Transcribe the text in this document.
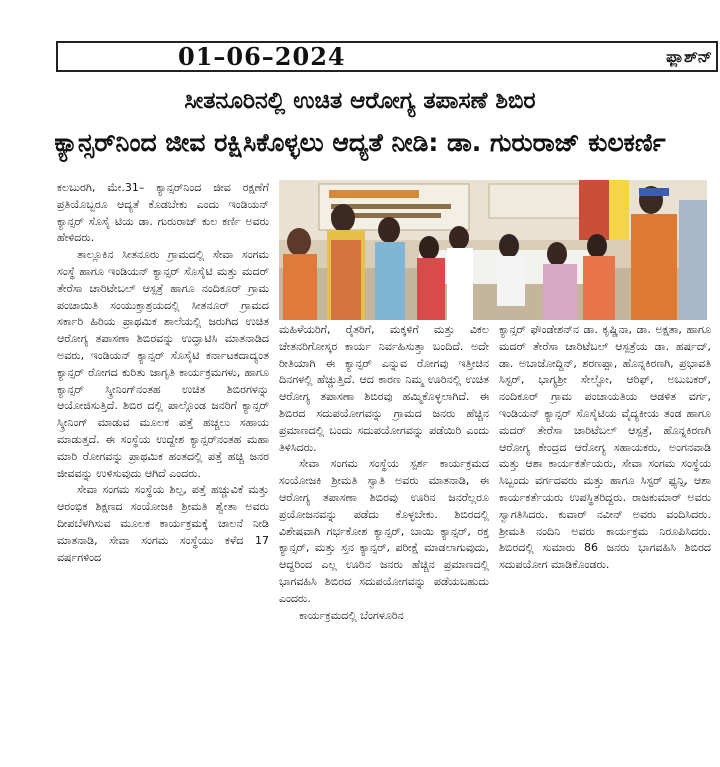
01–06–2024	ಫ್ಲಾಶ್‌ನ್
ಸೀತನೂರಿನಲ್ಲಿ ಉಚಿತ ಆರೋಗ್ಯ ತಪಾಸಣೆ ಶಿಬಿರ
ಕ್ಯಾನ್ಸರ್‌ನಿಂದ ಜೀವ ರಕ್ಷಿಸಿಕೊಳ್ಳಲು ಆದ್ಯತೆ ನೀಡಿ: ಡಾ. ಗುರುರಾಜ್ ಕುಲಕರ್ಣಿ

ಕಲಬುರಗಿ, ಮೇ.31– ಕ್ಯಾನ್ಸರ್‌ನಿಂದ ಜೀವ ರಕ್ಷಣೆಗೆ ಪ್ರತಿಯೊಬ್ಬರೂ ಆದ್ಯತೆ ಕೊಡಬೇಕು ಎಂದು ಇಂಡಿಯನ್ ಕ್ಯಾನ್ಸರ್ ಸೊಸೈ ಟಿಯ ಡಾ. ಗುರುರಾಜ್ ಕುಲ ಕರ್ಣಿ ಅವರು ಹೇಳಿದರು.

ತಾಲ್ಲೂಕಿನ ಸೀತನೂರು ಗ್ರಾಮದಲ್ಲಿ ಸೇವಾ ಸಂಗಮ ಸಂಸ್ಥೆ ಹಾಗೂ ಇಂಡಿಯನ್ ಕ್ಯಾನ್ಸರ್ ಸೊಸೈಟಿ ಮತ್ತು ಮದರ್ ತೇರೆಸಾ ಚಾರಿಟೇಬಲ್ ಆಸ್ಪತ್ರೆ ಹಾಗೂ ನಂದಿಕೂರ್ ಗ್ರಾಮ ಪಂಚಾಯಿತಿ ಸಂಯುಕ್ತಾಶ್ರಯದಲ್ಲಿ ಸೀತನೂರ್ ಗ್ರಾಮದ ಸರ್ಕಾರಿ ಹಿರಿಯ ಪ್ರಾಥಮಿಕ ಶಾಲೆಯಲ್ಲಿ ಜರುಗಿದ ಉಚಿತ ಆರೋಗ್ಯ ತಪಾಸಣಾ ಶಿಬಿರವನ್ನು ಉದ್ಘಾಟಿಸಿ ಮಾತನಾಡಿದ ಅವರು, ಇಂಡಿಯನ್ ಕ್ಯಾನ್ಸರ್ ಸೊಸೈಟಿ ಕರ್ನಾಟಕದಾದ್ಯಂತ ಕ್ಯಾನ್ಸರ್ ರೋಗದ ಕುರಿತು ಜಾಗೃತಿ ಕಾರ್ಯಕ್ರಮಗಳು, ಹಾಗೂ ಕ್ಯಾನ್ಸರ್ ಸ್ಕ್ರೀನಿಂಗ್‌ನಂತಹ ಉಚಿತ ಶಿಬಿರಗಳನ್ನು ಆಯೋಜಿಸುತ್ತಿದೆ. ಶಿಬಿರ ದಲ್ಲಿ ಪಾಲ್ಗೊಂಡ ಜನರಿಗೆ ಕ್ಯಾನ್ಸರ್ ಸ್ಕ್ರೀನಿಂಗ್ ಮಾಡುವ ಮೂಲಕ ಪತ್ತೆ ಹಚ್ಚಲು ಸಹಾಯ ಮಾಡುತ್ತದೆ. ಈ ಸಂಸ್ಥೆಯ ಉದ್ದೇಶ ಕ್ಯಾನ್ಸರ್‌ನಂತಹ ಮಹಾ ಮಾರಿ ರೋಗವನ್ನು ಪ್ರಾಥಮಿಕ ಹಂತದಲ್ಲಿ ಪತ್ತೆ ಹಚ್ಚಿ ಜನರ ಜೀವವನ್ನು ಉಳಿಸುವುದು ಆಗಿದೆ ಎಂದರು.

ಸೇವಾ ಸಂಗಮ ಸಂಸ್ಥೆಯ ಶಿಲ್ಪ, ಪತ್ತೆ ಹಚ್ಚುವಿಕೆ ಮತ್ತು ಆರಂಭಿಕ ಶಿಕ್ಷಣದ ಸಂಯೋಜಕಿ ಶ್ರೀಮತಿ ಶ್ವೇತಾ ಅವರು ದೀಪಬೆಳಗಿಸುವ ಮೂಲಕ ಕಾರ್ಯಕ್ರಮಕ್ಕೆ ಚಾಲನೆ ನೀಡಿ ಮಾತನಾಡಿ, ಸೇವಾ ಸಂಗಮ ಸಂಸ್ಥೆಯು ಕಳೆದ 17 ವರ್ಷಗಳಿಂದ

ಮಹಿಳೆಯರಿಗೆ, ರೈತರಿಗೆ, ಮಕ್ಕಳಿಗೆ ಮತ್ತು ವಿಕಲ ಚೇತನರಿಗೋಸ್ಕರ ಕಾರ್ಯ ನಿರ್ವಹಿಸುತ್ತಾ ಬಂದಿದೆ. ಅದೇ ರೀತಿಯಾಗಿ ಈ ಕ್ಯಾನ್ಸರ್ ಎನ್ನುವ ರೋಗವು ಇತ್ತೀಚಿನ ದಿನಗಳಲ್ಲಿ ಹೆಚ್ಚುತ್ತಿದೆ. ಆದ ಕಾರಣ ನಿಮ್ಮ ಊರಿನಲ್ಲಿ ಉಚಿತ ಆರೋಗ್ಯ ತಪಾಸಣಾ ಶಿಬಿರವು ಹಮ್ಮಿಕೊಳ್ಳಲಾಗಿದೆ. ಈ ಶಿಬಿರದ ಸದುಪಯೋಗವನ್ನು ಗ್ರಾಮದ ಜನರು ಹೆಚ್ಚಿನ ಪ್ರಮಾಣದಲ್ಲಿ ಬಂದು ಸದುಪಯೋಗವನ್ನು ಪಡೆಯಿರಿ ಎಂದು ತಿಳಿಸಿದರು.

ಸೇವಾ ಸಂಗಮ ಸಂಸ್ಥೆಯ ಸ್ಪರ್ಶ ಕಾರ್ಯಕ್ರಮದ ಸಂಯೋಜಕಿ ಶ್ರೀಮತಿ ಸ್ವಾತಿ ಅವರು ಮಾತನಾಡಿ, ಈ ಆರೋಗ್ಯ ತಪಾಸಣಾ ಶಿಬಿರವು ಊರಿನ ಜನರೆಲ್ಲರೂ ಪ್ರಯೋಜನವನ್ನು ಪಡೆದು ಕೊಳ್ಳಬೇಕು. ಶಿಬಿರದಲ್ಲಿ ವಿಶೇಷವಾಗಿ ಗರ್ಭಕೋಶ ಕ್ಯಾನ್ಸರ್, ಬಾಯಿ ಕ್ಯಾನ್ಸರ್, ರಕ್ತ ಕ್ಯಾನ್ಸರ್, ಮತ್ತು ಸ್ತನ ಕ್ಯಾನ್ಸರ್, ಪರೀಕ್ಷೆ ಮಾಡಲಾಗುವುದು, ಆದ್ದರಿಂದ ಎಲ್ಲ ಊರಿನ ಜನರು ಹೆಚ್ಚಿನ ಪ್ರಮಾಣದಲ್ಲಿ ಭಾಗವಹಿಸಿ ಶಿಬಿರದ ಸದುಪಯೋಗವನ್ನು ಪಡೆಯಬಹುದು ಎಂದರು.

ಕಾರ್ಯಕ್ರಮದಲ್ಲಿ ಬೆಂಗಳೂರಿನ

ಕ್ಯಾನ್ಸರ್ ಫೌಂಡೇಶನ್‌ನ ಡಾ. ಕೃಷ್ಣಿನಾ, ಡಾ. ಅಕ್ಷತಾ, ಹಾಗೂ ಮದರ್ ತೇರೆಸಾ ಚಾರಿಟೆಬಲ್ ಆಸ್ಪತ್ರೆಯ ಡಾ. ಹರ್ಷದ್, ಡಾ. ಅಬಾಜೋದ್ದಿನ್, ಶರಣಪ್ಪಾ, ಹೊನ್ನಕಿರಣಗಿ, ಪ್ರಭಾವತಿ ಸಿಸ್ಟರ್, ಭಾಗ್ಯಶ್ರೀ ಸೇಲ್ಟೋ, ಆರಿಫ್, ಅಬುಬಕರ್, ನಂದಿಕೂರ್ ಗ್ರಾಮ ಪಂಚಾಯತಿಯ ಆಡಳಿತ ವರ್ಗ, ಇಂಡಿಯನ್ ಕ್ಯಾನ್ಸರ್ ಸೊಸೈಟಿಯ ವೈದ್ಯಕೀಯ ತಂಡ ಹಾಗೂ ಮದರ್ ತೇರೆಸಾ ಚಾರಿಟೆಬಲ್ ಆಸ್ಪತ್ರೆ, ಹೊನ್ನಕಿರಣಗಿ ಆರೋಗ್ಯ ಕೇಂದ್ರದ ಆರೋಗ್ಯ ಸಹಾಯಕರು, ಅಂಗನವಾಡಿ ಮತ್ತು ಆಶಾ ಕಾರ್ಯಕರ್ತೆಯರು, ಸೇವಾ ಸಂಗಮ ಸಂಸ್ಥೆಯ ಸಿಬ್ಬಂದು ವರ್ಗದವರು ಮತ್ತು ಹಾಗೂ ಸಿಸ್ಟರ್ ಫ್ಯನ್ಸಿ, ಆಶಾ ಕಾರ್ಯಕರ್ತೆಯರು ಉಪಸ್ಥಿತರಿದ್ದರು. ರಾಜಕುಮಾರ್ ಅವರು ಸ್ವಾಗತಿಸಿದರು. ಕುವಾರ್ ನವೀನ್ ಅವರು ವಂದಿಸಿದರು. ಶ್ರೀಮತಿ ನಂದಿನಿ ಅವರು ಕಾರ್ಯಕ್ರಮ ನಿರೂಪಿಸಿದರು. ಶಿಬಿರದಲ್ಲಿ ಸುಮಾರು 86 ಜನರು ಭಾಗವಹಿಸಿ ಶಿಬಿರದ ಸದುಪಯೋಗ ಮಾಡಿಕೊಂಡರು.
